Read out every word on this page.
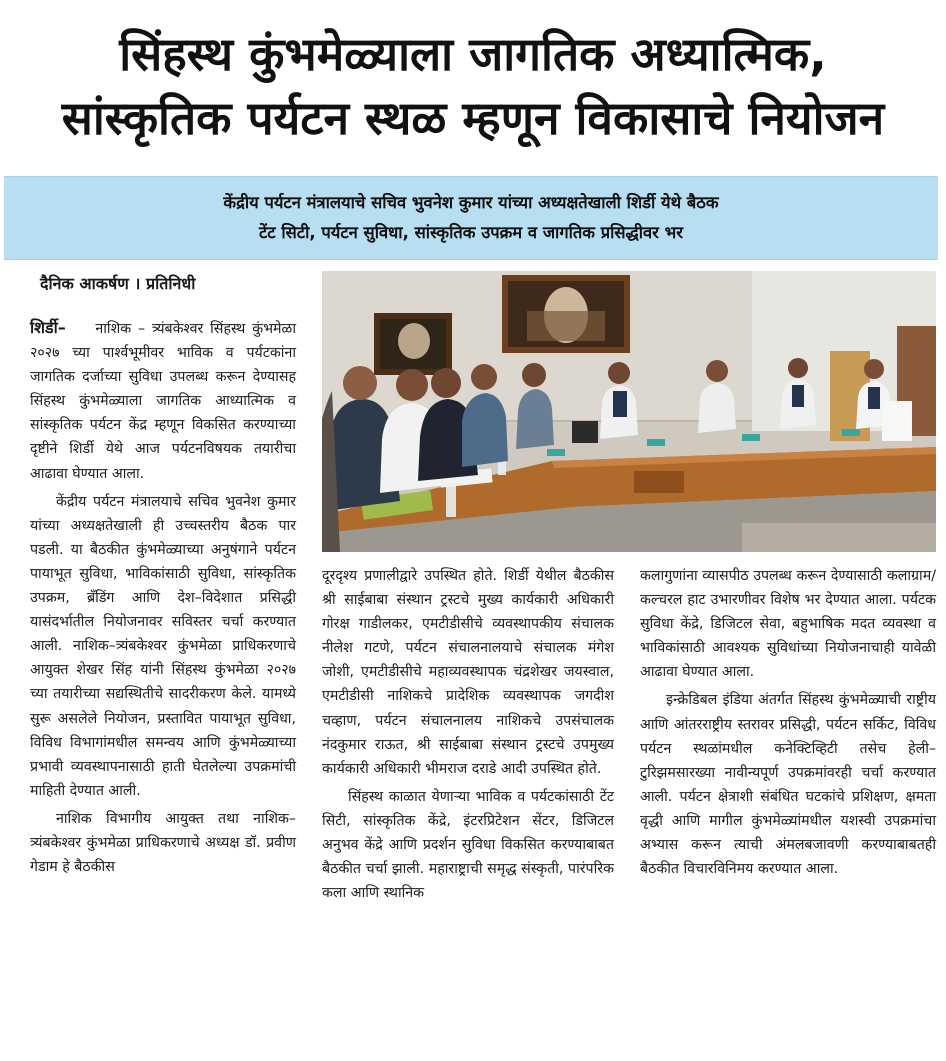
सिंहस्थ कुंभमेळ्याला जागतिक अध्यात्मिक,
सांस्कृतिक पर्यटन स्थळ म्हणून विकासाचे नियोजन
केंद्रीय पर्यटन मंत्रालयाचे सचिव भुवनेश कुमार यांच्या अध्यक्षतेखाली शिर्डी येथे बैठक
टेंट सिटी, पर्यटन सुविधा, सांस्कृतिक उपक्रम व जागतिक प्रसिद्धीवर भर
दैनिक आकर्षण । प्रतिनिधी

शिर्डी– नाशिक – त्र्यंबकेश्वर सिंहस्थ कुंभमेळा २०२७ च्या पार्श्वभूमीवर भाविक व पर्यटकांना जागतिक दर्जाच्या सुविधा उपलब्ध करून देण्यासह सिंहस्थ कुंभमेळ्याला जागतिक आध्यात्मिक व सांस्कृतिक पर्यटन केंद्र म्हणून विकसित करण्याच्या दृष्टीने शिर्डी येथे आज पर्यटनविषयक तयारीचा आढावा घेण्यात आला.

केंद्रीय पर्यटन मंत्रालयाचे सचिव भुवनेश कुमार यांच्या अध्यक्षतेखाली ही उच्चस्तरीय बैठक पार पडली. या बैठकीत कुंभमेळ्याच्या अनुषंगाने पर्यटन पायाभूत सुविधा, भाविकांसाठी सुविधा, सांस्कृतिक उपक्रम, ब्रँडिंग आणि देश–विदेशात प्रसिद्धी यासंदर्भातील नियोजनावर सविस्तर चर्चा करण्यात आली. नाशिक–त्र्यंबकेश्वर कुंभमेळा प्राधिकरणाचे आयुक्त शेखर सिंह यांनी सिंहस्थ कुंभमेळा २०२७ च्या तयारीच्या सद्यस्थितीचे सादरीकरण केले. यामध्ये सुरू असलेले नियोजन, प्रस्तावित पायाभूत सुविधा, विविध विभागांमधील समन्वय आणि कुंभमेळ्याच्या प्रभावी व्यवस्थापनासाठी हाती घेतलेल्या उपक्रमांची माहिती देण्यात आली.

नाशिक विभागीय आयुक्त तथा नाशिक–त्र्यंबकेश्वर कुंभमेळा प्राधिकरणाचे अध्यक्ष डॉ. प्रवीण गेडाम हे बैठकीस

दूरदृश्य प्रणालीद्वारे उपस्थित होते. शिर्डी येथील बैठकीस श्री साईबाबा संस्थान ट्रस्टचे मुख्य कार्यकारी अधिकारी गोरक्ष गाडीलकर, एमटीडीसीचे व्यवस्थापकीय संचालक नीलेश गटणे, पर्यटन संचालनालयाचे संचालक मंगेश जोशी, एमटीडीसीचे महाव्यवस्थापक चंद्रशेखर जयस्वाल, एमटीडीसी नाशिकचे प्रादेशिक व्यवस्थापक जगदीश चव्हाण, पर्यटन संचालनालय नाशिकचे उपसंचालक नंदकुमार राऊत, श्री साईबाबा संस्थान ट्रस्टचे उपमुख्य कार्यकारी अधिकारी भीमराज दराडे आदी उपस्थित होते.

सिंहस्थ काळात येणाऱ्या भाविक व पर्यटकांसाठी टेंट सिटी, सांस्कृतिक केंद्रे, इंटरप्रिटेशन सेंटर, डिजिटल अनुभव केंद्रे आणि प्रदर्शन सुविधा विकसित करण्याबाबत बैठकीत चर्चा झाली. महाराष्ट्राची समृद्ध संस्कृती, पारंपरिक कला आणि स्थानिक

कलागुणांना व्यासपीठ उपलब्ध करून देण्यासाठी कलाग्राम/कल्चरल हाट उभारणीवर विशेष भर देण्यात आला. पर्यटक सुविधा केंद्रे, डिजिटल सेवा, बहुभाषिक मदत व्यवस्था व भाविकांसाठी आवश्यक सुविधांच्या नियोजनाचाही यावेळी आढावा घेण्यात आला.

इन्क्रेडिबल इंडिया अंतर्गत सिंहस्थ कुंभमेळ्याची राष्ट्रीय आणि आंतरराष्ट्रीय स्तरावर प्रसिद्धी, पर्यटन सर्किट, विविध पर्यटन स्थळांमधील कनेक्टिव्हिटी तसेच हेली–टुरिझमसारख्या नावीन्यपूर्ण उपक्रमांवरही चर्चा करण्यात आली. पर्यटन क्षेत्राशी संबंधित घटकांचे प्रशिक्षण, क्षमता वृद्धी आणि मागील कुंभमेळ्यांमधील यशस्वी उपक्रमांचा अभ्यास करून त्याची अंमलबजावणी करण्याबाबतही बैठकीत विचारविनिमय करण्यात आला.
